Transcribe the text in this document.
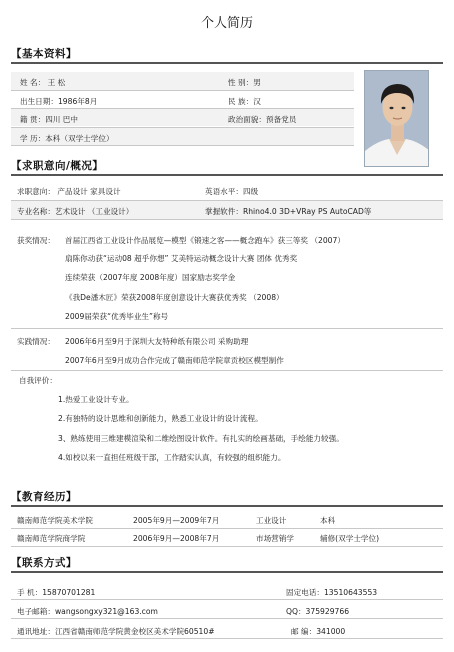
个人简历
【基本资料】
姓 名： 王 松	性 别：男
出生日期：1986年8月	民 族：汉
籍 贯：四川 巴中	政治面貌：预备党员
学 历：本科（双学士学位）
【求职意向/概况】
求职意向： 产品设计 家具设计	英语水平：四级
专业名称：艺术设计 （工业设计）	掌握软件：Rhino4.0 3D+VRay PS AutoCAD等
获奖情况： 首届江西省工业设计作品展览—模型《锻速之客——概念跑车》获三等奖 （2007）
扇陈你动获“运动08 超乎你想” 艾美特运动概念设计大赛 团体 优秀奖
连续荣获（2007年度 2008年度）国家励志奖学金
《我De潘木匠》荣获2008年度创意设计大赛获优秀奖 （2008）
2009届荣获“优秀毕业生”称号
实践情况： 2006年6月至9月于深圳大友特种纸有限公司 采购助理
2007年6月至9月成功合作完成了赣南师范学院章贡校区模型制作
自我评价：
1.热爱工业设计专业。
2.有独特的设计思维和创新能力，熟悉工业设计的设计流程。
3、熟练使用三维建模渲染和二维绘图设计软件。有扎实的绘画基础，手绘能力较强。
4.如校以来一直担任班级干部，工作踏实认真，有较强的组织能力。
【教育经历】
赣南师范学院美术学院	2005年9月—2009年7月	工业设计	本科
赣南师范学院商学院	2006年9月—2008年7月	市场营销学	辅修(双学士学位)
【联系方式】
手 机：15870701281	固定电话：13510643553
电子邮箱：wangsongxy321@163.com	QQ：375929766
通讯地址：江西省赣南师范学院黄金校区美术学院60510#	邮 编：341000
